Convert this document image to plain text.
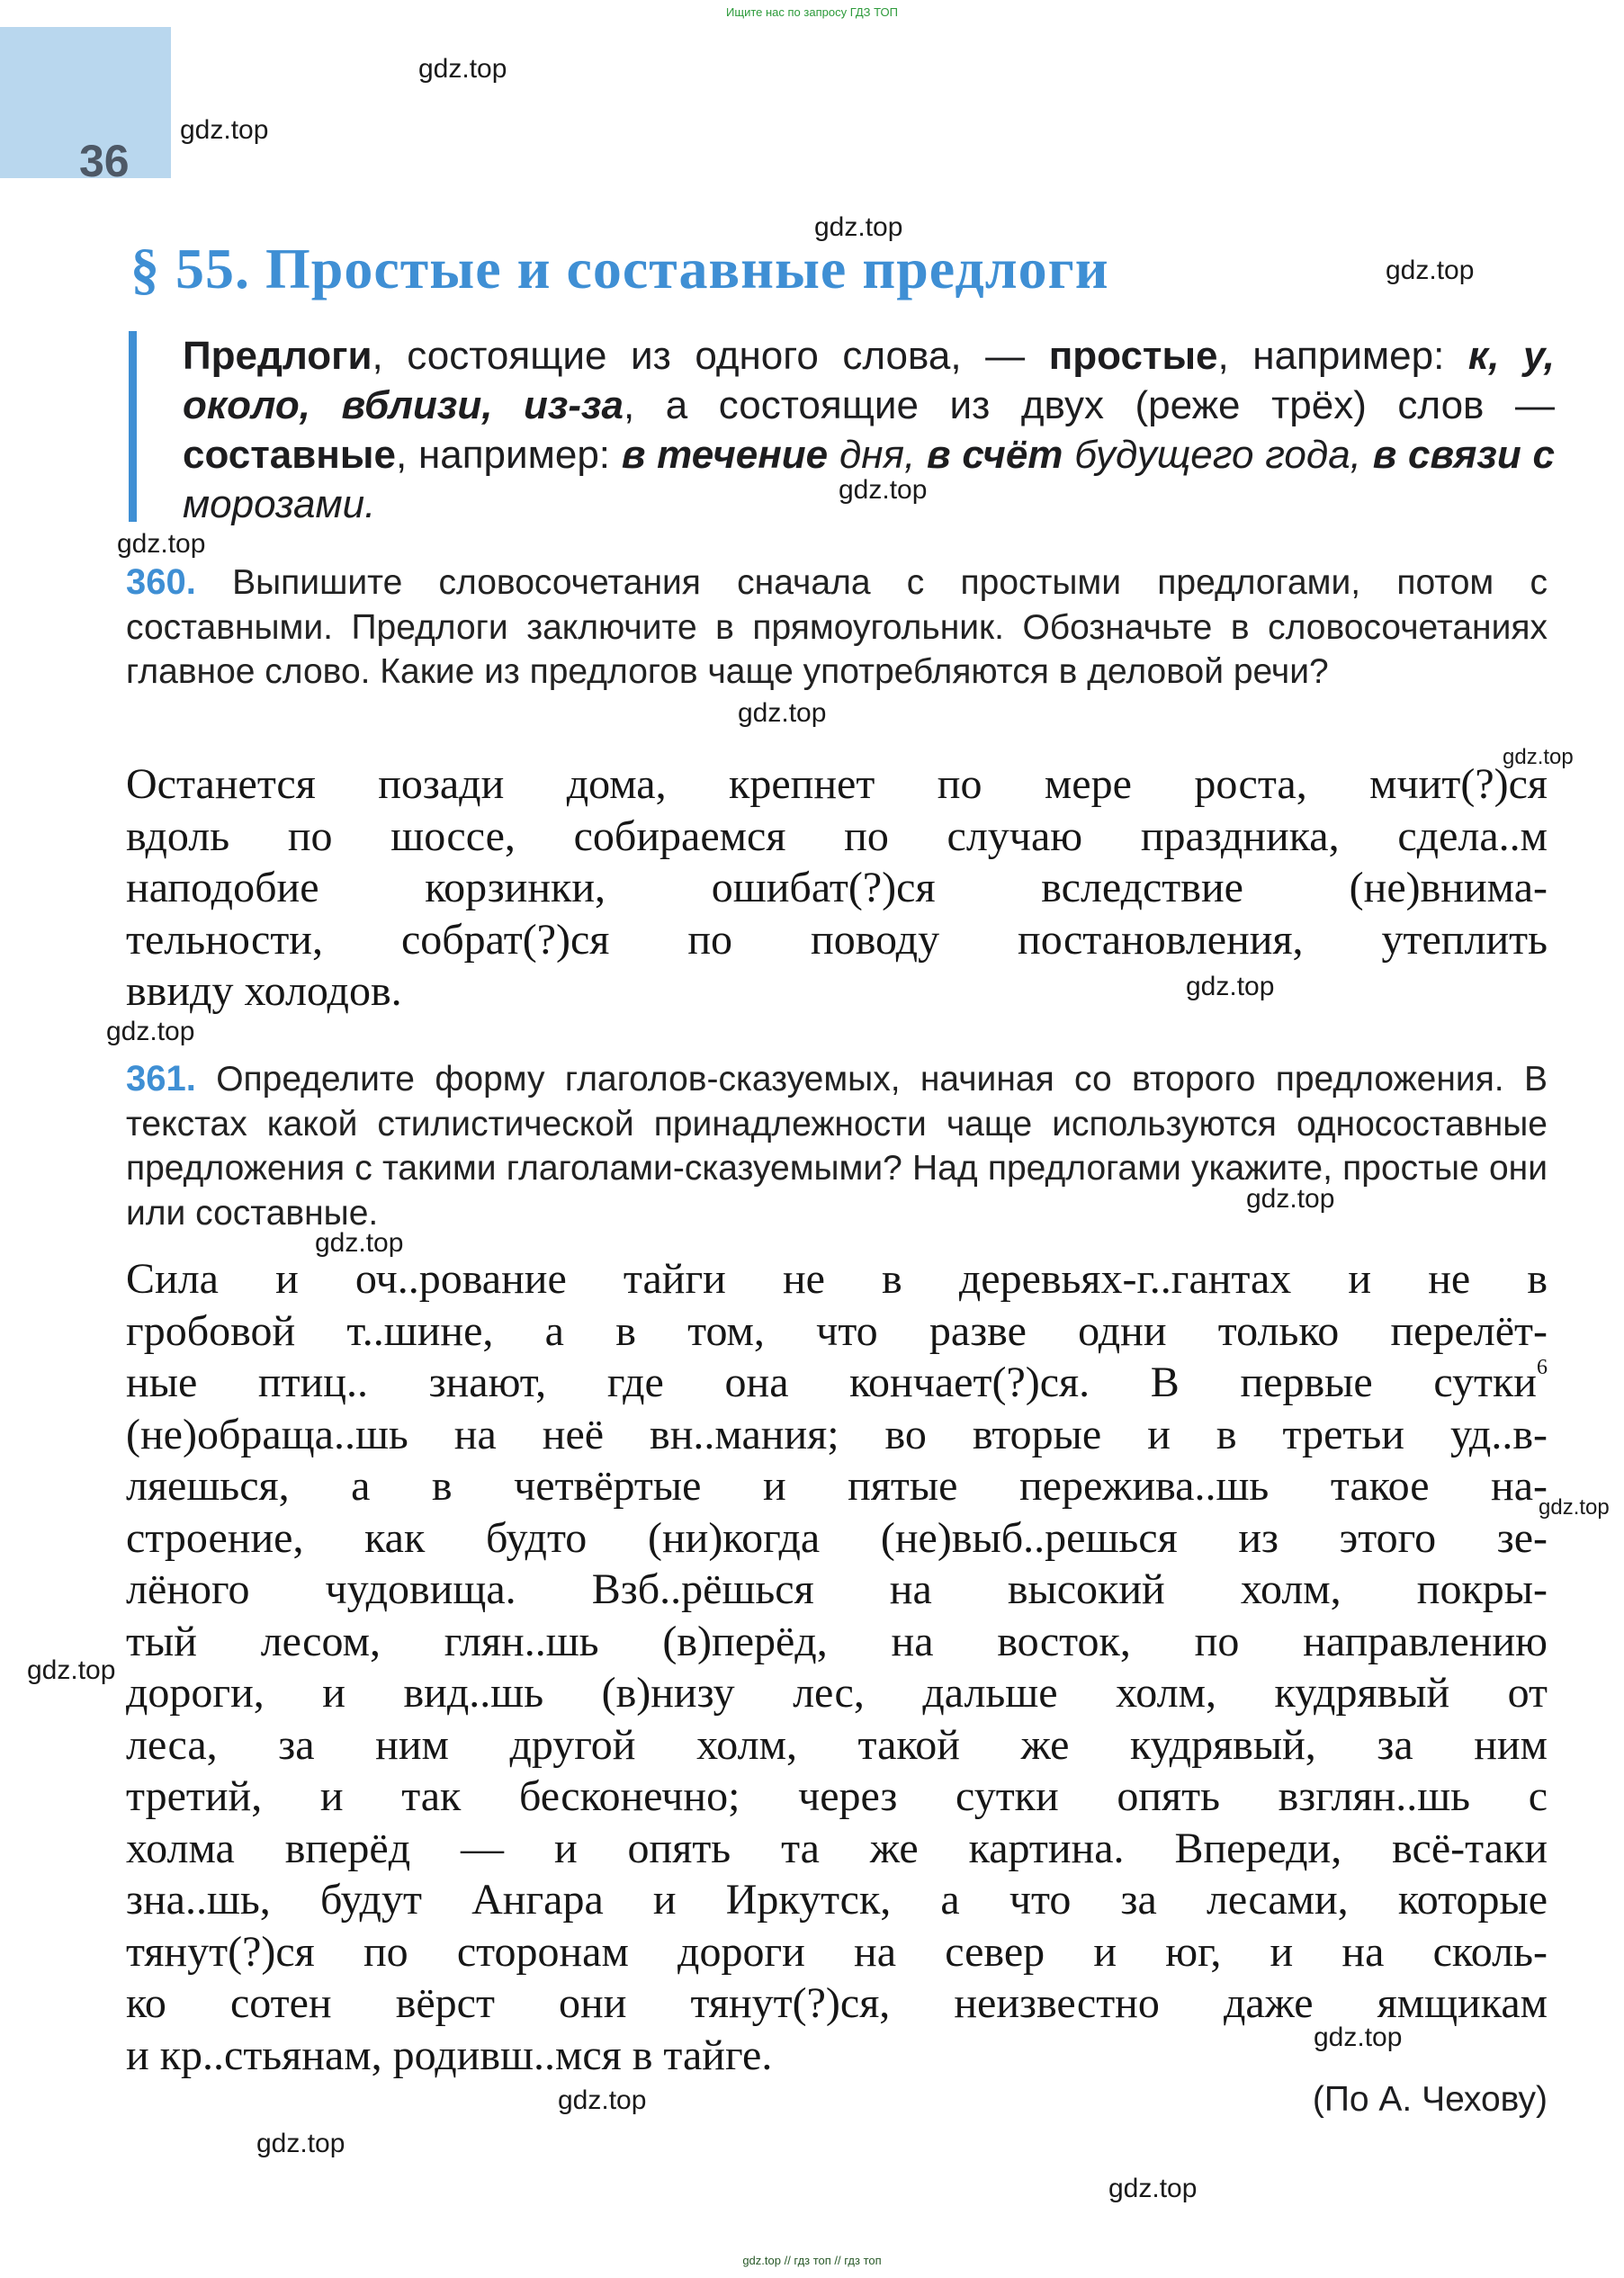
Ищите нас по запросу ГДЗ ТОП
36
§ 55. Простые и составные предлоги
Предлоги, состоящие из одного слова, — простые, например: к, у, около, вблизи, из-за, а состоящие из двух (реже трёх) слов — составные, например: в течение дня, в счёт будущего года, в связи с морозами.
360. Выпишите словосочетания сначала с простыми предлогами, потом с составными. Предлоги заключите в прямоугольник. Обозначьте в словосочетаниях главное слово. Какие из предлогов чаще употребляются в деловой речи?
Останется позади дома, крепнет по мере роста, мчит(?)ся
вдоль по шоссе, собираемся по случаю праздника, сдела..м
наподобие корзинки, ошибат(?)ся вследствие (не)внима-
тельности, собрат(?)ся по поводу постановления, утеплить
ввиду холодов.
361. Определите форму глаголов-сказуемых, начиная со второго предложения. В текстах какой стилистической принадлежности чаще используются односоставные предложения с такими глаголами-сказуемыми? Над предлогами укажите, простые они или составные.
Сила и оч..рование тайги не в деревьях-г..гантах и не в
гробовой т..шине, а в том, что разве одни только перелёт-
ные птиц.. знают, где она кончает(?)ся. В первые сутки$^6$
(не)обраща..шь на неё вн..мания; во вторые и в третьи уд..в-
ляешься, а в четвёртые и пятые пережива..шь такое на-
строение, как будто (ни)когда (не)выб..решься из этого зе-
лёного чудовища. Взб..рёшься на высокий холм, покры-
тый лесом, глян..шь (в)перёд, на восток, по направлению
дороги, и вид..шь (в)низу лес, дальше холм, кудрявый от
леса, за ним другой холм, такой же кудрявый, за ним
третий, и так бесконечно; через сутки опять взглян..шь с
холма вперёд — и опять та же картина. Впереди, всё-таки
зна..шь, будут Ангара и Иркутск, а что за лесами, которые
тянут(?)ся по сторонам дороги на север и юг, и на сколь-
ко сотен вёрст они тянут(?)ся, неизвестно даже ямщикам
и кр..стьянам, родивш..мся в тайге.
(По А. Чехову)
gdz.top
gdz.top
gdz.top
gdz.top
gdz.top
gdz.top
gdz.top
gdz.top
gdz.top
gdz.top
gdz.top
gdz.top
gdz.top
gdz.top
gdz.top
gdz.top
gdz.top
gdz.top
gdz.top // гдз топ // гдз топ
